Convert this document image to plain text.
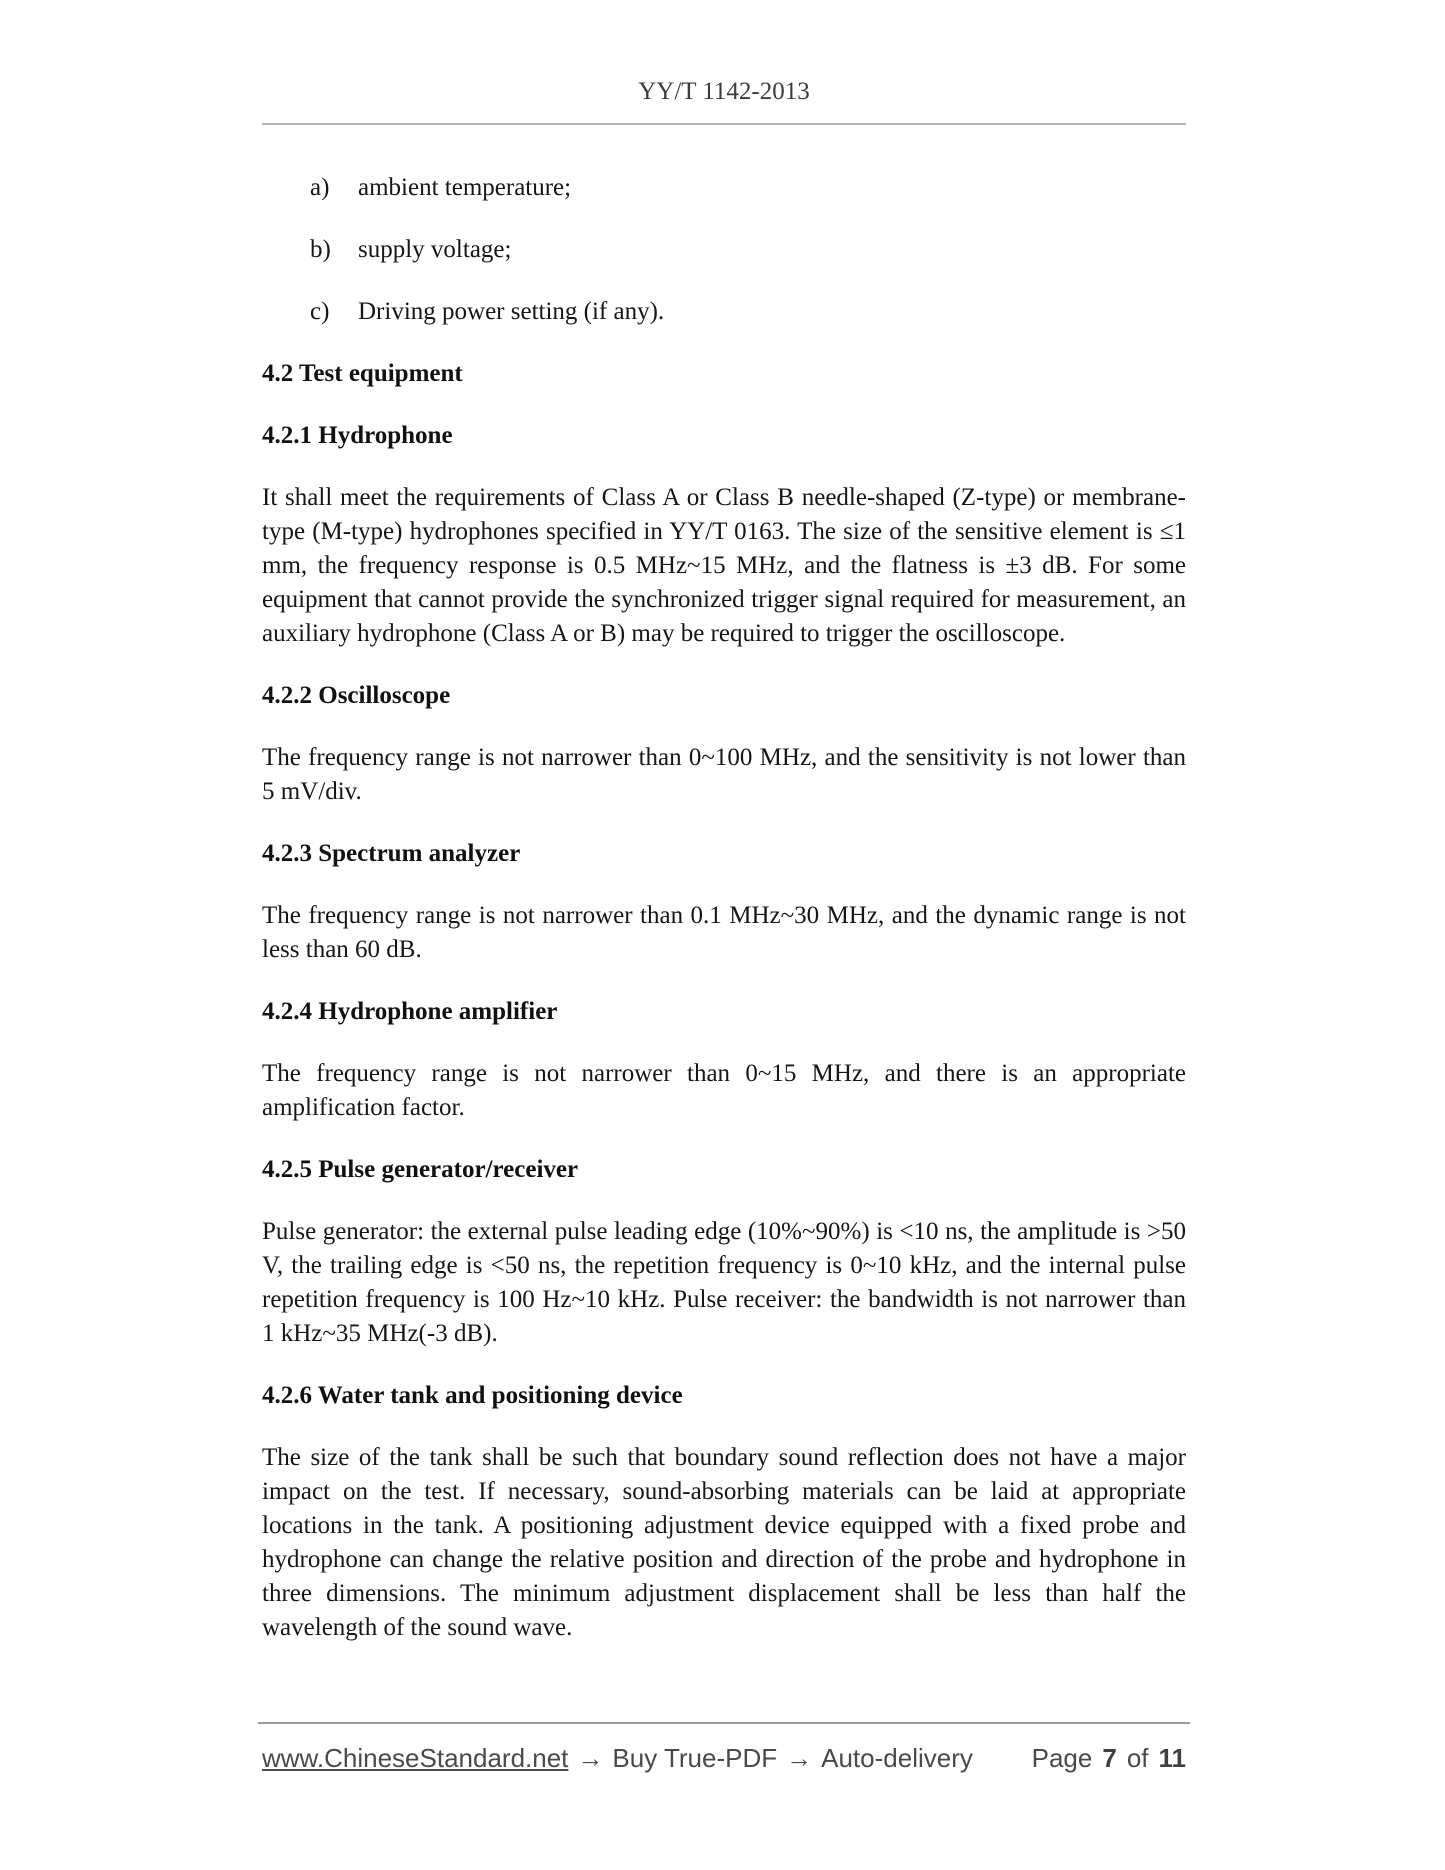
YY/T 1142-2013
a) ambient temperature;
b) supply voltage;
c) Driving power setting (if any).
4.2 Test equipment
4.2.1 Hydrophone

It shall meet the requirements of Class A or Class B needle-shaped (Z-type) or membrane-type (M-type) hydrophones specified in YY/T 0163. The size of the sensitive element is ≤1 mm, the frequency response is 0.5 MHz~15 MHz, and the flatness is ±3 dB. For some equipment that cannot provide the synchronized trigger signal required for measurement, an auxiliary hydrophone (Class A or B) may be required to trigger the oscilloscope.

4.2.2 Oscilloscope

The frequency range is not narrower than 0~100 MHz, and the sensitivity is not lower than 5 mV/div.

4.2.3 Spectrum analyzer

The frequency range is not narrower than 0.1 MHz~30 MHz, and the dynamic range is not less than 60 dB.

4.2.4 Hydrophone amplifier

The frequency range is not narrower than 0~15 MHz, and there is an appropriate amplification factor.

4.2.5 Pulse generator/receiver

Pulse generator: the external pulse leading edge (10%~90%) is <10 ns, the amplitude is >50 V, the trailing edge is <50 ns, the repetition frequency is 0~10 kHz, and the internal pulse repetition frequency is 100 Hz~10 kHz. Pulse receiver: the bandwidth is not narrower than 1 kHz~35 MHz(-3 dB).

4.2.6 Water tank and positioning device

The size of the tank shall be such that boundary sound reflection does not have a major impact on the test. If necessary, sound-absorbing materials can be laid at appropriate locations in the tank. A positioning adjustment device equipped with a fixed probe and hydrophone can change the relative position and direction of the probe and hydrophone in three dimensions. The minimum adjustment displacement shall be less than half the wavelength of the sound wave.

www.ChineseStandard.net → Buy True-PDF → Auto-delivery Page 7 of 11
